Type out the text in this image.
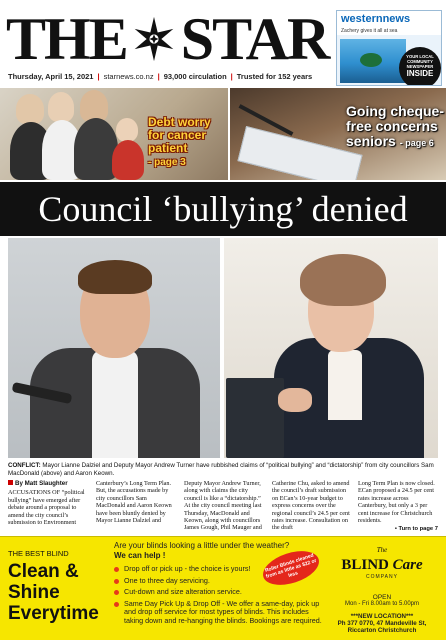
THE STAR
Thursday, April 15, 2021 | starnews.co.nz | 93,000 circulation | Trusted for 152 years
westernnews
Zachery gives it all at sea
YOUR LOCAL COMMUNITY NEWSPAPER
INSIDE
Debt worry for cancer patient
- page 3
Going cheque-free concerns seniors - page 6
Council ‘bullying’ denied
CONFLICT: Mayor Lianne Dalziel and Deputy Mayor Andrew Turner have rubbished claims of “political bullying” and “dictatorship” from city councillors Sam MacDonald (above) and Aaron Keown.
By Matt Slaughter

ACCUSATIONS OF “political bullying” have emerged after debate around a proposal to amend the city council’s submission to Environment

Canterbury’s Long Term Plan. But, the accusations made by city councillors Sam MacDonald and Aaron Keown have been bluntly denied by Mayor Lianne Dalziel and

Deputy Mayor Andrew Turner, along with claims the city council is like a “dictatorship.” At the city council meeting last Thursday, MacDonald and Keown, along with councillors James Gough, Phil Mauger and

Catherine Chu, asked to amend the council’s draft submission on ECan’s 10-year budget to express concerns over the regional council’s 24.5 per cent rates increase. Consultation on the draft

Long Term Plan is now closed. ECan proposed a 24.5 per cent rates increase across Canterbury, but only a 3 per cent increase for Christchurch residents.

• Turn to page 7
THE BEST BLIND
Clean & Shine Everytime
Are your blinds looking a little under the weather?
We can help !
Drop off or pick up - the choice is yours!
One to three day servicing.
Cut-down and size alteration service.
Same Day Pick Up & Drop Off - We offer a same-day, pick up and drop off service for most types of blinds. This includes taking down and re-hanging the blinds. Bookings are required.
Roller Blinds cleaned from as little as $22 or less
The
BLIND Care
COMPANY
OPEN
Mon - Fri 8.00am to 5.00pm
***NEW LOCATION***
Ph 377 0770, 47 Mandeville St,
Riccarton Christchurch
